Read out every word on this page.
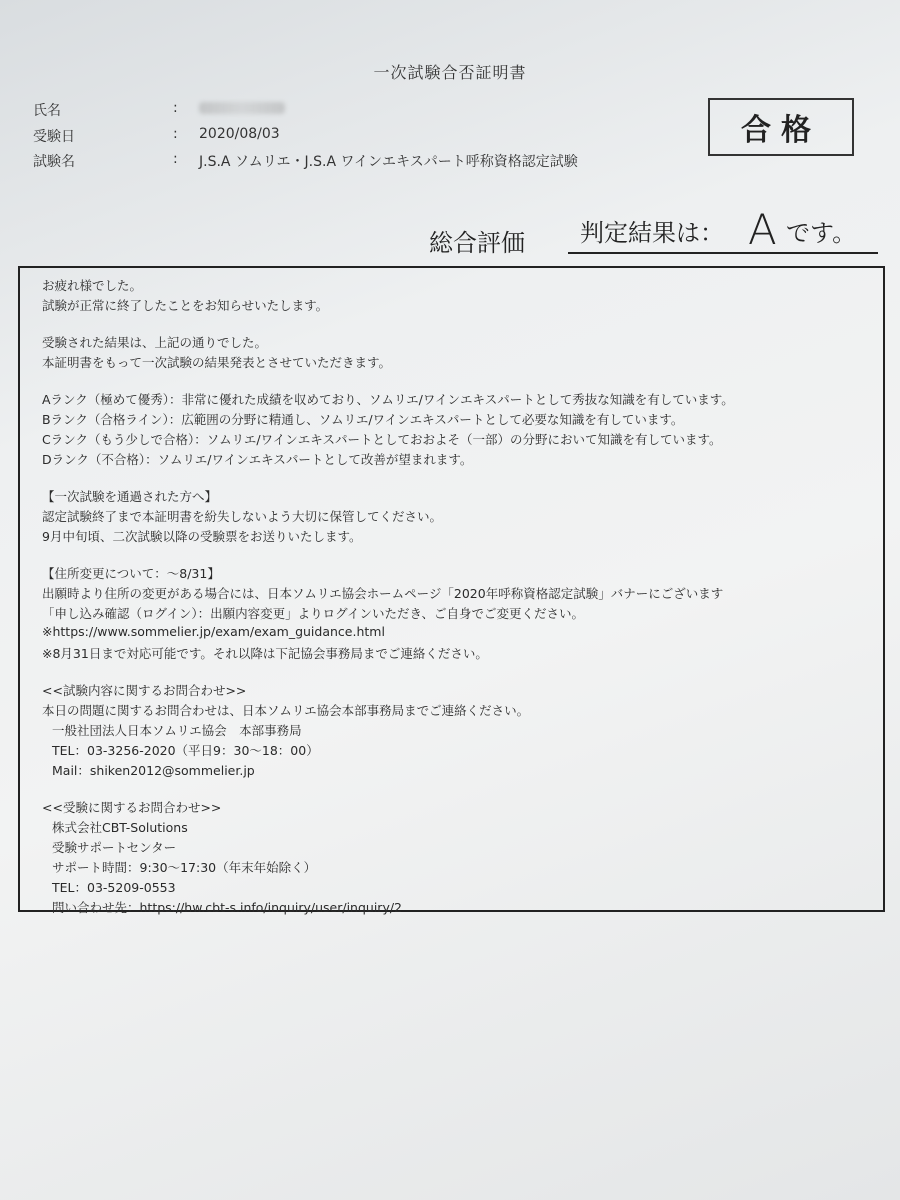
一次試験合否証明書
氏名	:
受験日	: 2020/08/03
試験名	: J.S.A ソムリエ・J.S.A ワインエキスパート呼称資格認定試験
合格
総合評価 判定結果は： A です。
お疲れ様でした。
試験が正常に終了したことをお知らせいたします。
受験された結果は、上記の通りでした。
本証明書をもって一次試験の結果発表とさせていただきます。
Aランク（極めて優秀）：非常に優れた成績を収めており、ソムリエ/ワインエキスパートとして秀抜な知識を有しています。
Bランク（合格ライン）：広範囲の分野に精通し、ソムリエ/ワインエキスパートとして必要な知識を有しています。
Cランク（もう少しで合格）：ソムリエ/ワインエキスパートとしておおよそ（一部）の分野において知識を有しています。
Dランク（不合格）：ソムリエ/ワインエキスパートとして改善が望まれます。
【一次試験を通過された方へ】
認定試験終了まで本証明書を紛失しないよう大切に保管してください。
9月中旬頃、二次試験以降の受験票をお送りいたします。
【住所変更について：～8/31】
出願時より住所の変更がある場合には、日本ソムリエ協会ホームページ「2020年呼称資格認定試験」バナーにございます
「申し込み確認（ログイン）：出願内容変更」よりログインいただき、ご自身でご変更ください。
※https://www.sommelier.jp/exam/exam_guidance.html
※8月31日まで対応可能です。それ以降は下記協会事務局までご連絡ください。
<<試験内容に関するお問合わせ>>
本日の問題に関するお問合わせは、日本ソムリエ協会本部事務局までご連絡ください。
一般社団法人日本ソムリエ協会　本部事務局
TEL：03-3256-2020（平日9：30～18：00）
Mail：shiken2012@sommelier.jp
<<受験に関するお問合わせ>>
株式会社CBT-Solutions
受験サポートセンター
サポート時間：9:30～17:30（年末年始除く）
TEL：03-5209-0553
問い合わせ先：https://hw.cbt-s.info/inquiry/user/inquiry/2
